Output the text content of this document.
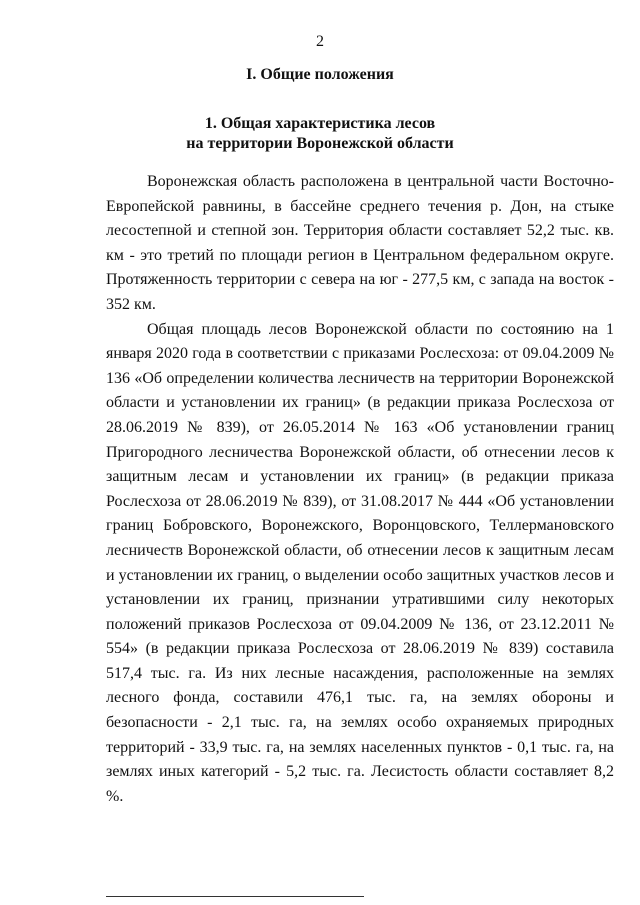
2
I. Общие положения
1. Общая характеристика лесов
на территории Воронежской области

Воронежская область расположена в центральной части Восточно-Европейской равнины, в бассейне среднего течения р. Дон, на стыке лесостепной и степной зон. Территория области составляет 52,2 тыс. кв. км - это третий по площади регион в Центральном федеральном округе. Протяженность территории с севера на юг - 277,5 км, с запада на восток - 352 км.

Общая площадь лесов Воронежской области по состоянию на 1 января 2020 года в соответствии с приказами Рослесхоза: от 09.04.2009 № 136 «Об определении количества лесничеств на территории Воронежской области и установлении их границ» (в редакции приказа Рослесхоза от 28.06.2019 № 839), от 26.05.2014 № 163 «Об установлении границ Пригородного лесничества Воронежской области, об отнесении лесов к защитным лесам и установлении их границ» (в редакции приказа Рослесхоза от 28.06.2019 № 839), от 31.08.2017 № 444 «Об установлении границ Бобровского, Воронежского, Воронцовского, Теллермановского лесничеств Воронежской области, об отнесении лесов к защитным лесам и установлении их границ, о выделении особо защитных участков лесов и установлении их границ, признании утратившими силу некоторых положений приказов Рослесхоза от 09.04.2009 № 136, от 23.12.2011 № 554» (в редакции приказа Рослесхоза от 28.06.2019 № 839) составила 517,4 тыс. га. Из них лесные насаждения, расположенные на землях лесного фонда, составили 476,1 тыс. га, на землях обороны и безопасности - 2,1 тыс. га, на землях особо охраняемых природных территорий - 33,9 тыс. га, на землях населенных пунктов - 0,1 тыс. га, на землях иных категорий - 5,2 тыс. га. Лесистость области составляет 8,2 %.
